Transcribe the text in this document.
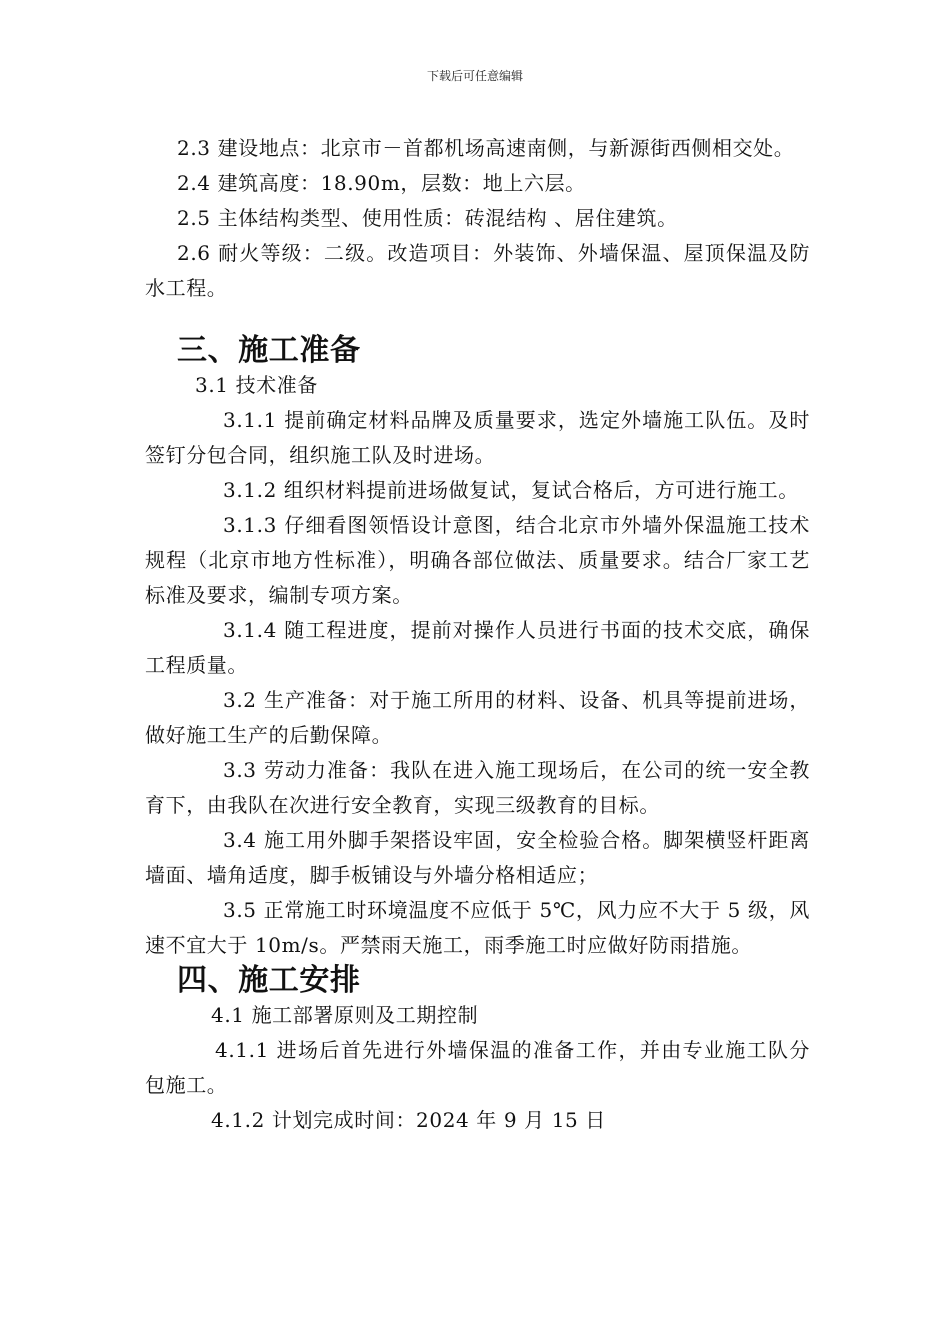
下载后可任意编辑

2.3 建设地点：北京市－首都机场高速南侧，与新源街西侧相交处。

2.4 建筑高度：18.90m，层数：地上六层。

2.5 主体结构类型、使用性质：砖混结构 、居住建筑。

2.6 耐火等级：二级。改造项目：外装饰、外墙保温、屋顶保温及防水工程。

三、施工准备

3.1 技术准备

3.1.1 提前确定材料品牌及质量要求，选定外墙施工队伍。及时签钉分包合同，组织施工队及时进场。

3.1.2 组织材料提前进场做复试，复试合格后，方可进行施工。

3.1.3 仔细看图领悟设计意图，结合北京市外墙外保温施工技术规程（北京市地方性标准），明确各部位做法、质量要求。结合厂家工艺标准及要求，编制专项方案。

3.1.4 随工程进度，提前对操作人员进行书面的技术交底，确保工程质量。

3.2 生产准备：对于施工所用的材料、设备、机具等提前进场，做好施工生产的后勤保障。

3.3 劳动力准备：我队在进入施工现场后，在公司的统一安全教育下，由我队在次进行安全教育，实现三级教育的目标。

3.4 施工用外脚手架搭设牢固，安全检验合格。脚架横竖杆距离墙面、墙角适度，脚手板铺设与外墙分格相适应；

3.5 正常施工时环境温度不应低于 5℃，风力应不大于 5 级，风速不宜大于 10m/s。严禁雨天施工，雨季施工时应做好防雨措施。

四、施工安排

4.1 施工部署原则及工期控制

4.1.1 进场后首先进行外墙保温的准备工作，并由专业施工队分包施工。

4.1.2 计划完成时间：2024 年 9 月 15 日
